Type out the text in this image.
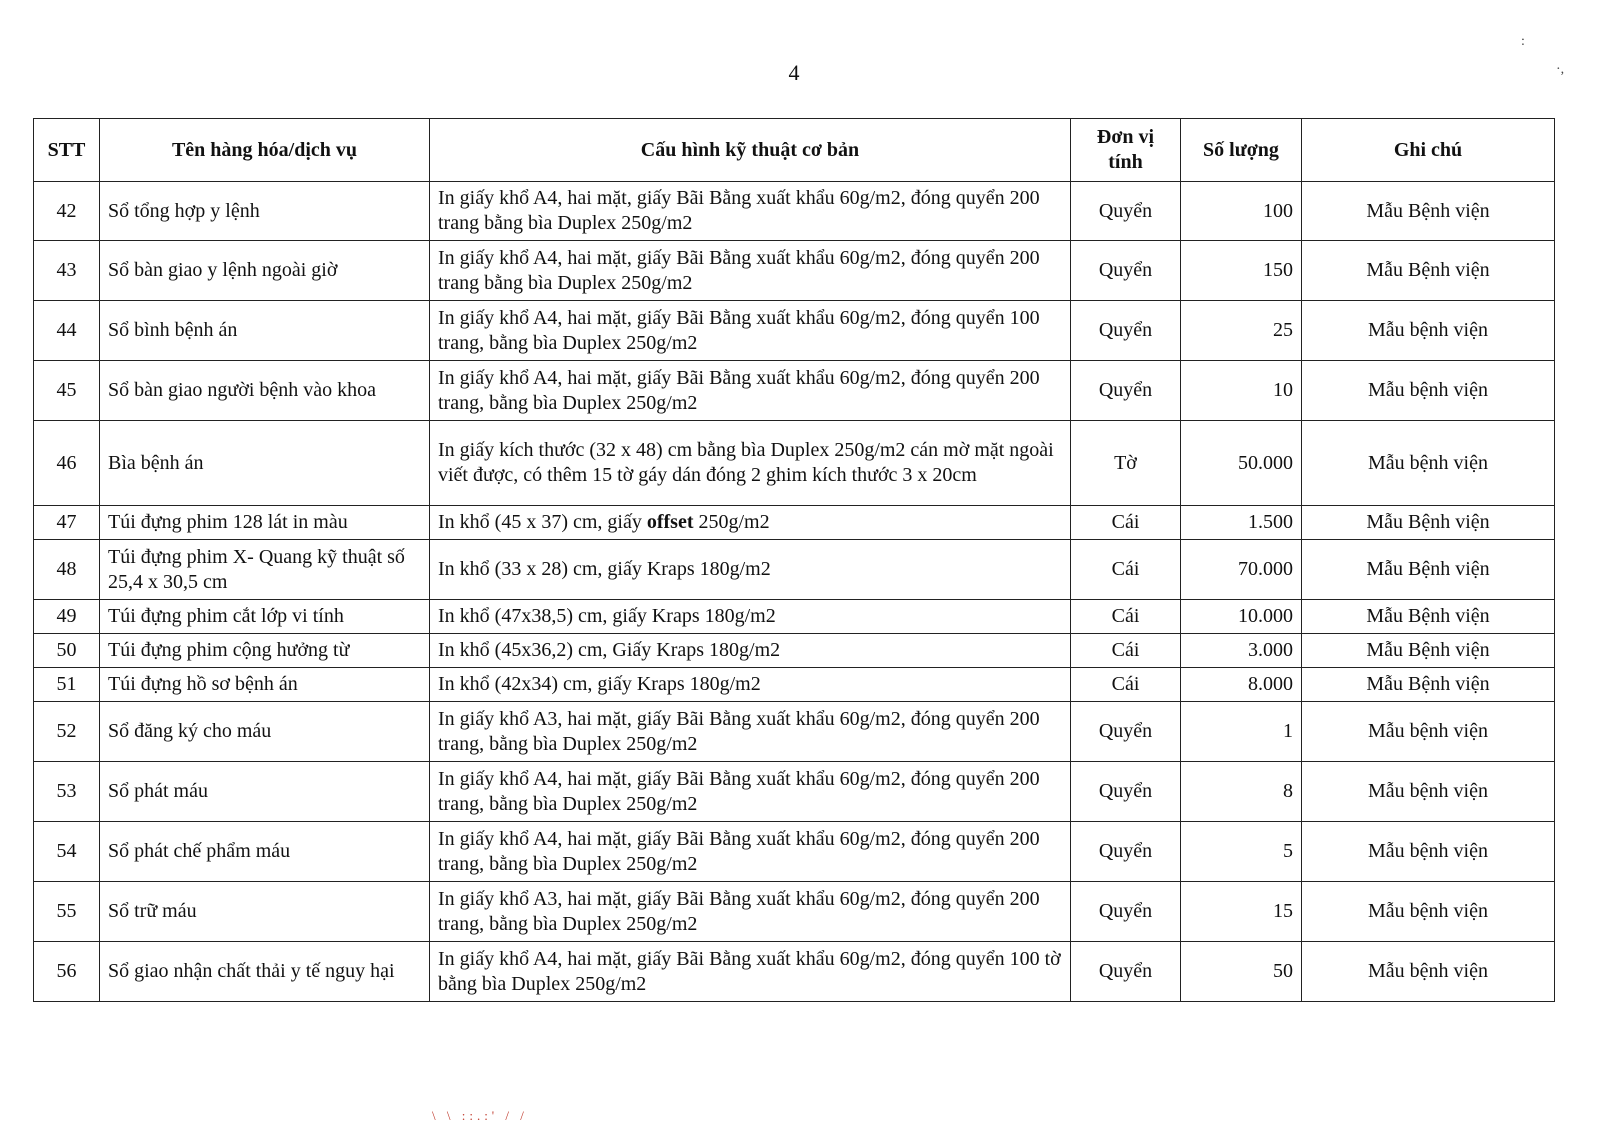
4
:
·,
STT	Tên hàng hóa/dịch vụ	Cấu hình kỹ thuật cơ bản	Đơn vị tính	Số lượng	Ghi chú
42	Sổ tổng hợp y lệnh	In giấy khổ A4, hai mặt, giấy Bãi Bằng xuất khẩu 60g/m2, đóng quyển 200 trang bằng bìa Duplex 250g/m2	Quyển	100	Mẫu Bệnh viện
43	Sổ bàn giao y lệnh ngoài giờ	In giấy khổ A4, hai mặt, giấy Bãi Bằng xuất khẩu 60g/m2, đóng quyển 200 trang bằng bìa Duplex 250g/m2	Quyển	150	Mẫu Bệnh viện
44	Sổ bình bệnh án	In giấy khổ A4, hai mặt, giấy Bãi Bằng xuất khẩu 60g/m2, đóng quyển 100 trang, bằng bìa Duplex 250g/m2	Quyển	25	Mẫu bệnh viện
45	Sổ bàn giao người bệnh vào khoa	In giấy khổ A4, hai mặt, giấy Bãi Bằng xuất khẩu 60g/m2, đóng quyển 200 trang, bằng bìa Duplex 250g/m2	Quyển	10	Mẫu bệnh viện
46	Bìa bệnh án	In giấy kích thước (32 x 48) cm bằng bìa Duplex 250g/m2 cán mờ mặt ngoài viết được, có thêm 15 tờ gáy dán đóng 2 ghim kích thước 3 x 20cm	Tờ	50.000	Mẫu bệnh viện
47	Túi đựng phim 128 lát in màu	In khổ (45 x 37) cm, giấy offset 250g/m2	Cái	1.500	Mẫu Bệnh viện
48	Túi đựng phim X- Quang kỹ thuật số 25,4 x 30,5 cm	In khổ (33 x 28) cm, giấy Kraps 180g/m2	Cái	70.000	Mẫu Bệnh viện
49	Túi đựng phim cắt lớp vi tính	In khổ (47x38,5) cm, giấy Kraps 180g/m2	Cái	10.000	Mẫu Bệnh viện
50	Túi đựng phim cộng hưởng từ	In khổ (45x36,2) cm, Giấy Kraps 180g/m2	Cái	3.000	Mẫu Bệnh viện
51	Túi đựng hồ sơ bệnh án	In khổ (42x34) cm, giấy Kraps 180g/m2	Cái	8.000	Mẫu Bệnh viện
52	Sổ đăng ký cho máu	In giấy khổ A3, hai mặt, giấy Bãi Bằng xuất khẩu 60g/m2, đóng quyển 200 trang, bằng bìa Duplex 250g/m2	Quyển	1	Mẫu bệnh viện
53	Sổ phát máu	In giấy khổ A4, hai mặt, giấy Bãi Bằng xuất khẩu 60g/m2, đóng quyển 200 trang, bằng bìa Duplex 250g/m2	Quyển	8	Mẫu bệnh viện
54	Sổ phát chế phẩm máu	In giấy khổ A4, hai mặt, giấy Bãi Bằng xuất khẩu 60g/m2, đóng quyển 200 trang, bằng bìa Duplex 250g/m2	Quyển	5	Mẫu bệnh viện
55	Sổ trữ máu	In giấy khổ A3, hai mặt, giấy Bãi Bằng xuất khẩu 60g/m2, đóng quyển 200 trang, bằng bìa Duplex 250g/m2	Quyển	15	Mẫu bệnh viện
56	Sổ giao nhận chất thải y tế nguy hại	In giấy khổ A4, hai mặt, giấy Bãi Bằng xuất khẩu 60g/m2, đóng quyển 100 tờ bằng bìa Duplex 250g/m2	Quyển	50	Mẫu bệnh viện
\ \ ::.:' / /
